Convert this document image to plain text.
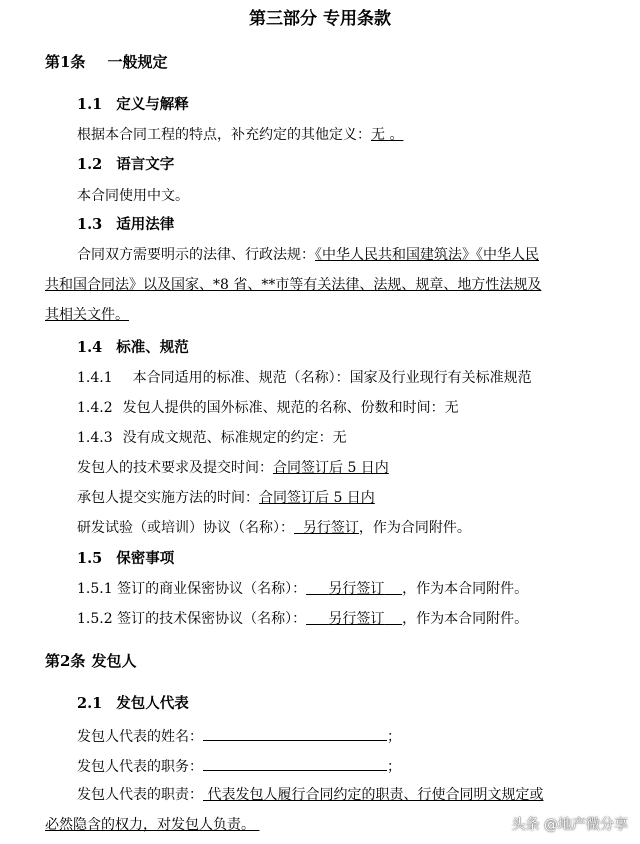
第三部分 专用条款
第1条 一般规定
1.1 定义与解释
根据本合同工程的特点，补充约定的其他定义：无 。
1.2 语言文字
本合同使用中文。
1.3 适用法律
合同双方需要明示的法律、行政法规：《中华人民共和国建筑法》《中华人民
共和国合同法》以及国家、*8 省、**市等有关法律、法规、规章、地方性法规及
其相关文件。
1.4 标准、规范
1.4.1 本合同适用的标准、规范（名称）：国家及行业现行有关标准规范
1.4.2 发包人提供的国外标准、规范的名称、份数和时间：无
1.4.3 没有成文规范、标准规定的约定：无
发包人的技术要求及提交时间：合同签订后 5 日内
承包人提交实施方法的时间：合同签订后 5 日内
研发试验（或培训）协议（名称）： 另行签订，作为合同附件。
1.5 保密事项
1.5.1 签订的商业保密协议（名称）： 另行签订 ，作为本合同附件。
1.5.2 签订的技术保密协议（名称）： 另行签订 ，作为本合同附件。
第2条 发包人
2.1 发包人代表
发包人代表的姓名：	；
发包人代表的职务：	；
发包人代表的职责： 代表发包人履行合同约定的职责、行使合同明文规定或
必然隐含的权力，对发包人负责。	头条 @地产微分享
